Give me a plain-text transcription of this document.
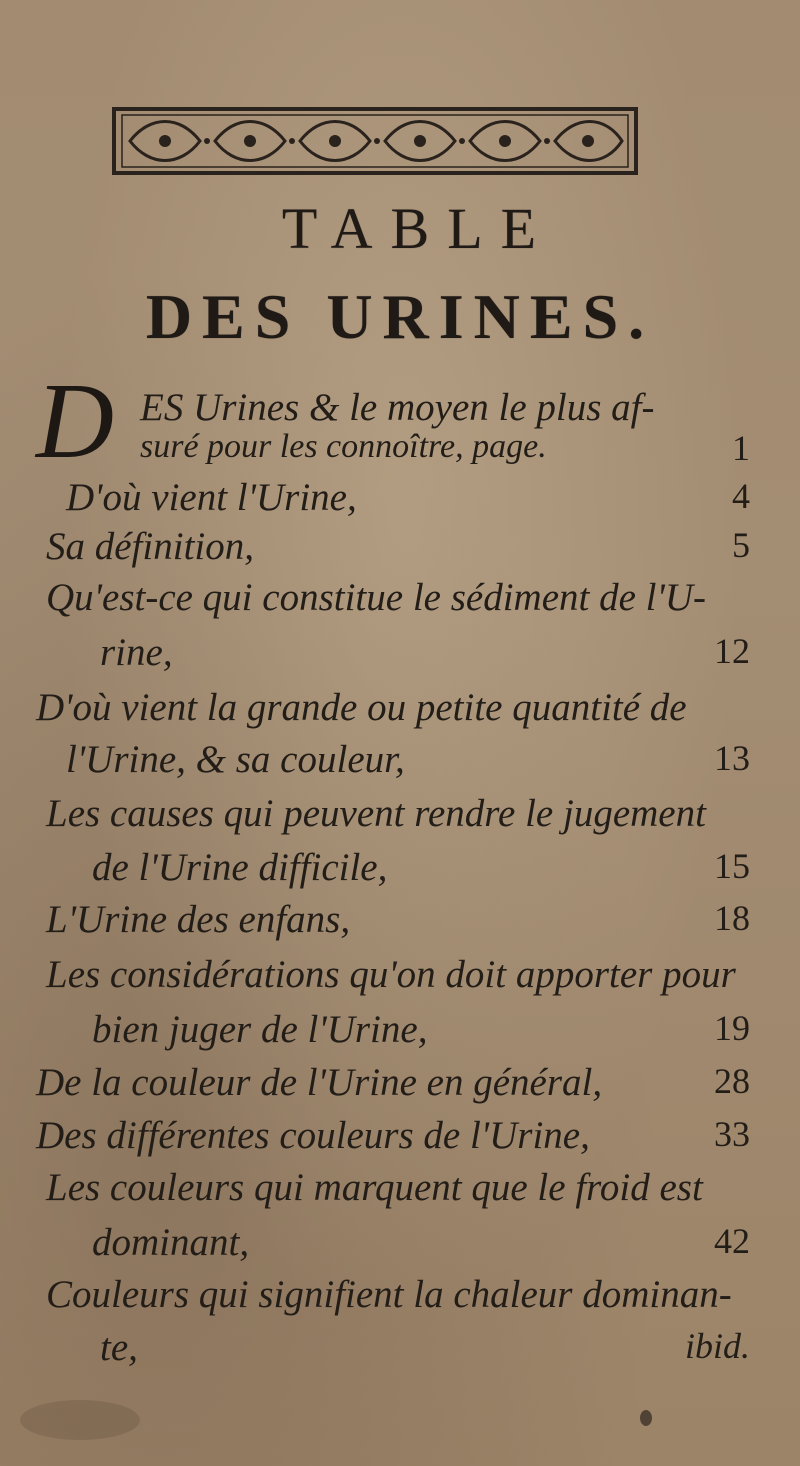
TABLE
DES URINES.
D ES Urines & le moyen le plus af-
suré pour les connoître, page.	1
D'où vient l'Urine,	4
Sa définition,	5
Qu'est-ce qui constitue le sédiment de l'U-
rine,	12
D'où vient la grande ou petite quantité de
l'Urine, & sa couleur,	13
Les causes qui peuvent rendre le jugement
de l'Urine difficile,	15
L'Urine des enfans,	18
Les considérations qu'on doit apporter pour
bien juger de l'Urine,	19
De la couleur de l'Urine en général,	28
Des différentes couleurs de l'Urine,	33
Les couleurs qui marquent que le froid est
dominant,	42
Couleurs qui signifient la chaleur dominan-
te,	ibid.
